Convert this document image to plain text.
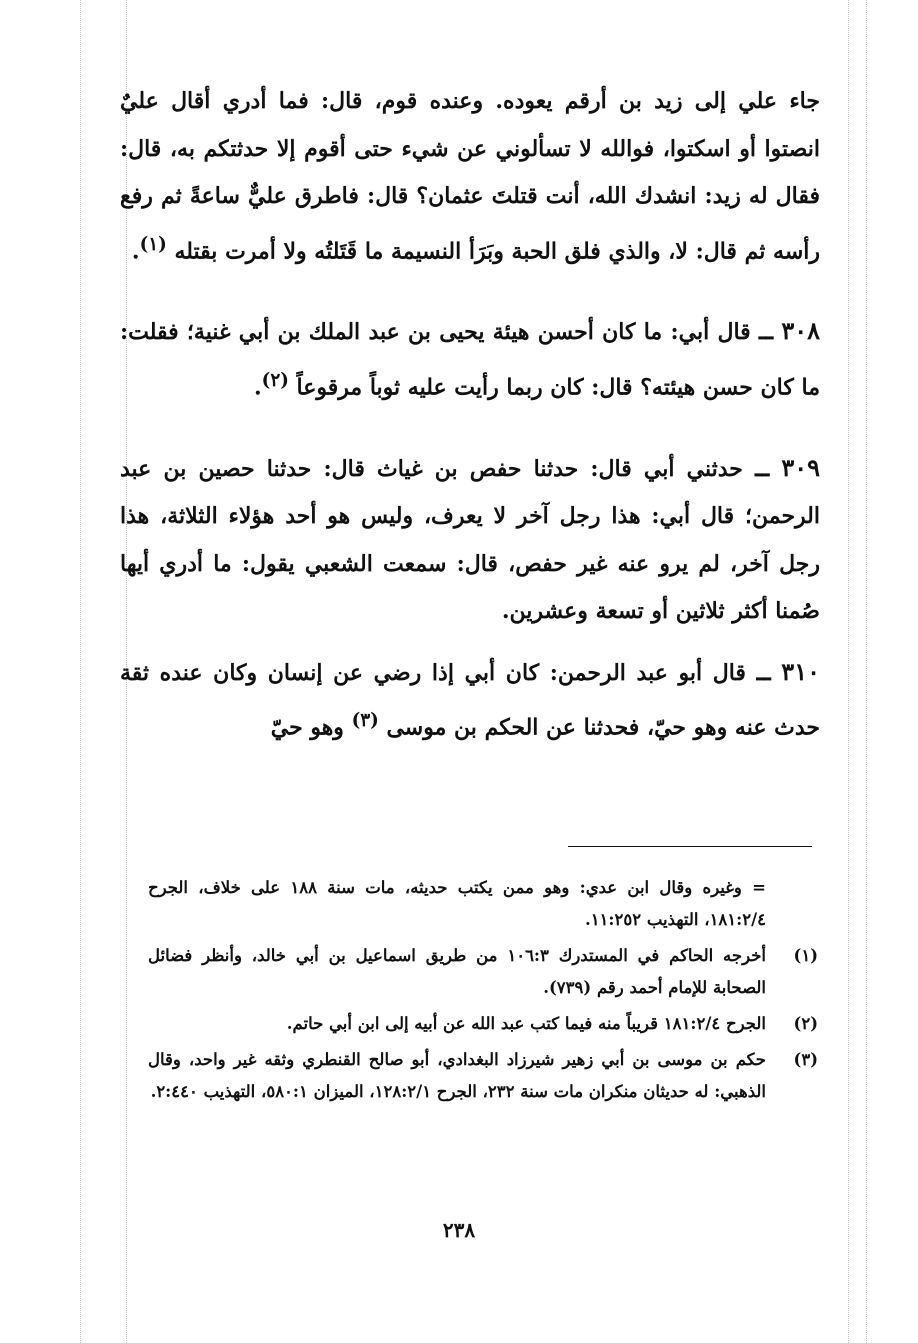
جاء علي إلى زيد بن أرقم يعوده. وعنده قوم، قال: فما أدري أقال عليٌ انصتوا أو اسكتوا، فوالله لا تسألوني عن شيء حتى أقوم إلا حدثتكم به، قال: فقال له زيد: انشدك الله، أنت قتلتَ عثمان؟ قال: فاطرق عليٌّ ساعةً ثم رفع رأسه ثم قال: لا، والذي فلق الحبة وبَرَأ النسيمة ما قَتَلتُه ولا أمرت بقتله $^{(١)}$.

٣٠٨ ــ قال أبي: ما كان أحسن هيئة يحيى بن عبد الملك بن أبي غنية؛ فقلت: ما كان حسن هيئته؟ قال: كان ربما رأيت عليه ثوباً مرقوعاً $^{(٢)}$.

٣٠٩ ــ حدثني أبي قال: حدثنا حفص بن غياث قال: حدثنا حصين بن عبد الرحمن؛ قال أبي: هذا رجل آخر لا يعرف، وليس هو أحد هؤلاء الثلاثة، هذا رجل آخر، لم يرو عنه غير حفص، قال: سمعت الشعبي يقول: ما أدري أيها صُمنا أكثر ثلاثين أو تسعة وعشرين.

٣١٠ ــ قال أبو عبد الرحمن: كان أبي إذا رضي عن إنسان وكان عنده ثقة حدث عنه وهو حيّ، فحدثنا عن الحكم بن موسى $^{(٣)}$ وهو حيّ

= وغيره وقال ابن عدي: وهو ممن يكتب حديثه، مات سنة ١٨٨ على خلاف، الجرح ١٨١:٢/٤، التهذيب ١١:٢٥٢.
(١)
أخرجه الحاكم في المستدرك ١٠٦:٣ من طريق اسماعيل بن أبي خالد، وأنظر فضائل الصحابة للإمام أحمد رقم (٧٣٩).
(٢)
الجرح ١٨١:٢/٤ قريباً منه فيما كتب عبد الله عن أبيه إلى ابن أبي حاتم.
(٣)
حكم بن موسى بن أبي زهير شيرزاد البغدادي، أبو صالح القنطري وثقه غير واحد، وقال الذهبي: له حديثان منكران مات سنة ٢٣٢، الجرح ١٢٨:٢/١، الميزان ٥٨٠:١، التهذيب ٢:٤٤٠.
٢٣٨
